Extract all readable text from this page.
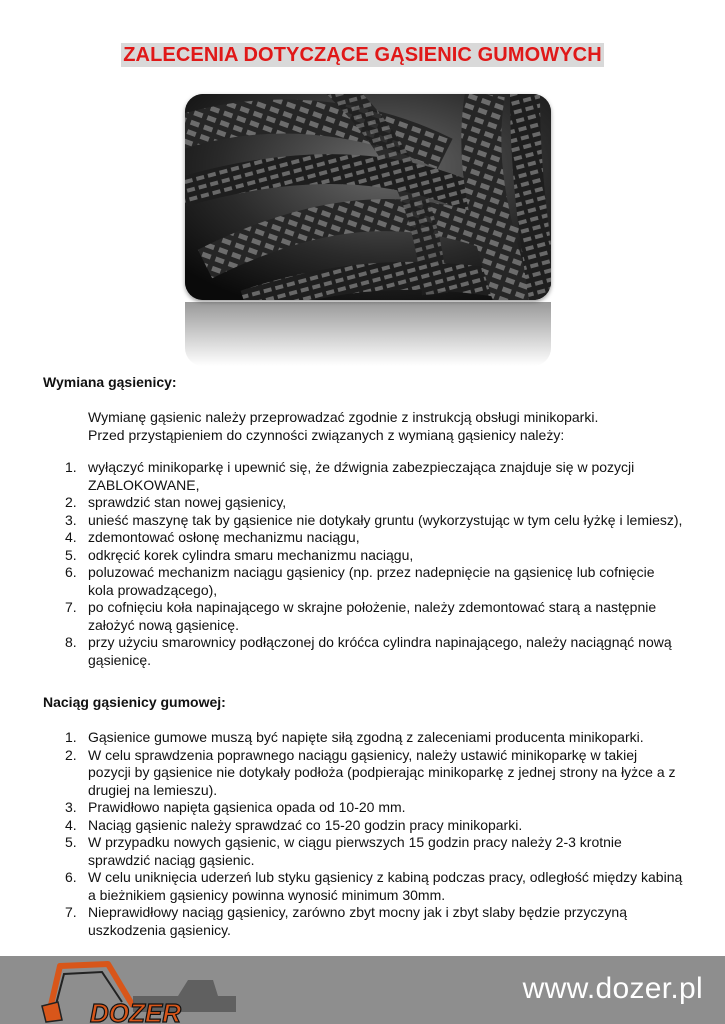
ZALECENIA DOTYCZĄCE GĄSIENIC GUMOWYCH
Wymiana gąsienicy:
Wymianę gąsienic należy przeprowadzać zgodnie z instrukcją obsługi minikoparki.
Przed przystąpieniem do czynności związanych z wymianą gąsienicy należy:
1. wyłączyć minikoparkę i upewnić się, że dźwignia zabezpieczająca znajduje się w pozycji ZABLOKOWANE,
2. sprawdzić stan nowej gąsienicy,
3. unieść maszynę tak by gąsienice nie dotykały gruntu (wykorzystując w tym celu łyżkę i lemiesz),
4. zdemontować osłonę mechanizmu naciągu,
5. odkręcić korek cylindra smaru mechanizmu naciągu,
6. poluzować mechanizm naciągu gąsienicy (np. przez nadepnięcie na gąsienicę lub cofnięcie kola prowadzącego),
7. po cofnięciu koła napinającego w skrajne położenie, należy zdemontować starą a następnie założyć nową gąsienicę.
8. przy użyciu smarownicy podłączonej do króćca cylindra napinającego, należy naciągnąć nową gąsienicę.
Naciąg gąsienicy gumowej:
1. Gąsienice gumowe muszą być napięte siłą zgodną z zaleceniami producenta minikoparki.
2. W celu sprawdzenia poprawnego naciągu gąsienicy, należy ustawić minikoparkę w takiej pozycji by gąsienice nie dotykały podłoża (podpierając minikoparkę z jednej strony na łyżce a z drugiej na lemieszu).
3. Prawidłowo napięta gąsienica opada od 10-20 mm.
4. Naciąg gąsienic należy sprawdzać co 15-20 godzin pracy minikoparki.
5. W przypadku nowych gąsienic, w ciągu pierwszych 15 godzin pracy należy 2-3 krotnie sprawdzić naciąg gąsienic.
6. W celu uniknięcia uderzeń lub styku gąsienicy z kabiną podczas pracy, odległość między kabiną a bieżnikiem gąsienicy powinna wynosić minimum 30mm.
7. Nieprawidłowy naciąg gąsienicy, zarówno zbyt mocny jak i zbyt slaby będzie przyczyną uszkodzenia gąsienicy.
DOZER
www.dozer.pl
